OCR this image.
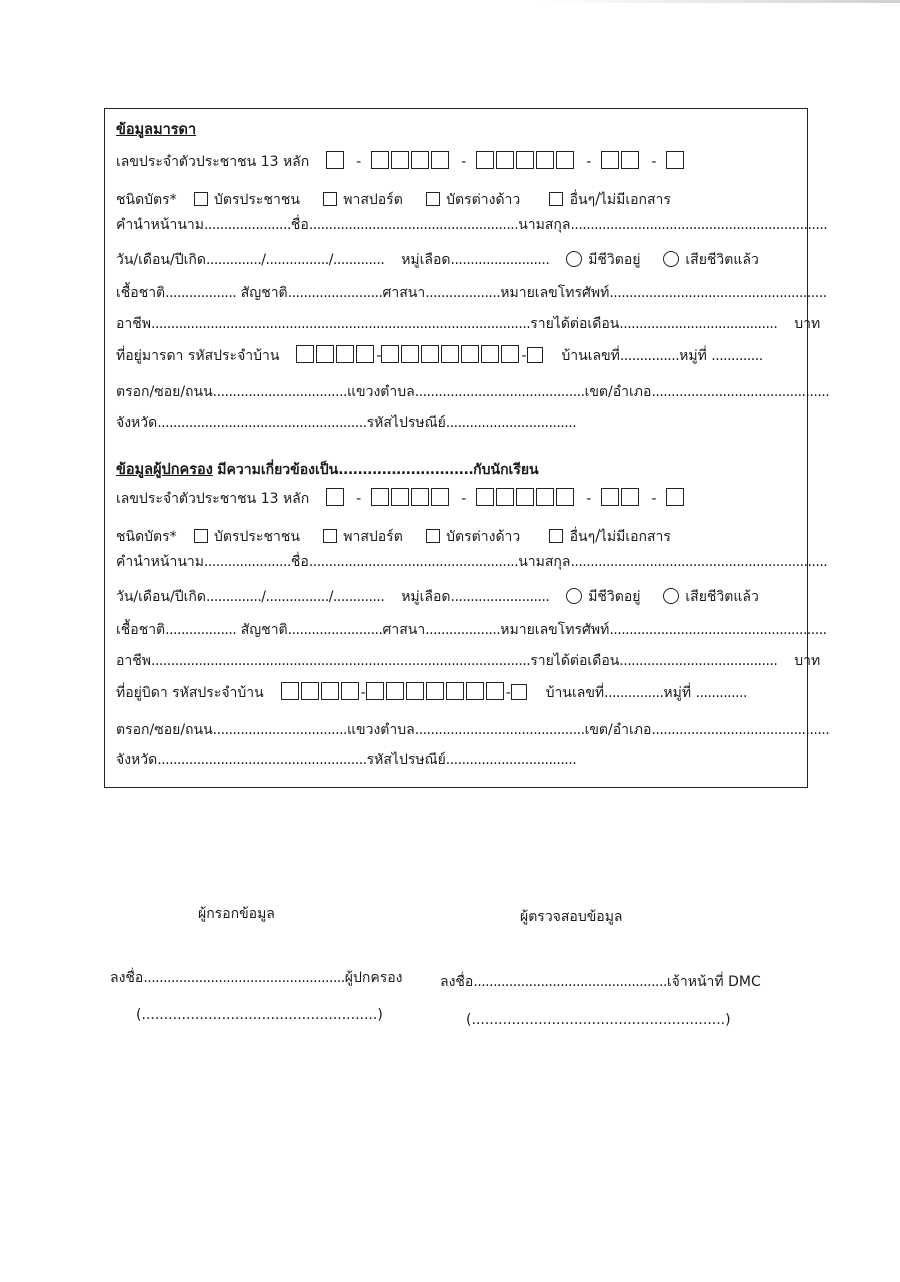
ข้อมูลมารดา
เลขประจำตัวประชาชน 13 หลัก	-	-	-	-
ชนิดบัตร*	บัตรประชาชน	พาสปอร์ต	บัตรต่างด้าว	อื่นๆ/ไม่มีเอกสาร
คำนำหน้านาม......................ชื่อ.....................................................นามสกุล.................................................................
วัน/เดือน/ปีเกิด............../................/............. หมู่เลือด.........................	มีชีวิตอยู่	เสียชีวิตแล้ว
เชื้อชาติ.................. สัญชาติ........................ศาสนา...................หมายเลขโทรศัพท์.......................................................
อาชีพ................................................................................................รายได้ต่อเดือน........................................ บาท
ที่อยู่มารดา รหัสประจำบ้าน	-	- บ้านเลขที่...............หมู่ที่ .............
ตรอก/ซอย/ถนน..................................แขวงตำบล...........................................เขต/อำเภอ.............................................
จังหวัด.....................................................รหัสไปรษณีย์.................................
ข้อมูลผู้ปกครอง มีความเกี่ยวข้องเป็น............................กับนักเรียน
เลขประจำตัวประชาชน 13 หลัก	-	-	-	-
ชนิดบัตร*	บัตรประชาชน	พาสปอร์ต	บัตรต่างด้าว	อื่นๆ/ไม่มีเอกสาร
คำนำหน้านาม......................ชื่อ.....................................................นามสกุล.................................................................
วัน/เดือน/ปีเกิด............../................/............. หมู่เลือด.........................	มีชีวิตอยู่	เสียชีวิตแล้ว
เชื้อชาติ.................. สัญชาติ........................ศาสนา...................หมายเลขโทรศัพท์.......................................................
อาชีพ................................................................................................รายได้ต่อเดือน........................................ บาท
ที่อยู่บิดา รหัสประจำบ้าน	-	- บ้านเลขที่...............หมู่ที่ .............
ตรอก/ซอย/ถนน..................................แขวงตำบล...........................................เขต/อำเภอ.............................................
จังหวัด.....................................................รหัสไปรษณีย์.................................
ผู้กรอกข้อมูล	ผู้ตรวจสอบข้อมูล
ลงชื่อ...................................................ผู้ปกครอง	ลงชื่อ.................................................เจ้าหน้าที่ DMC
(.....................................................)	(.........................................................)
